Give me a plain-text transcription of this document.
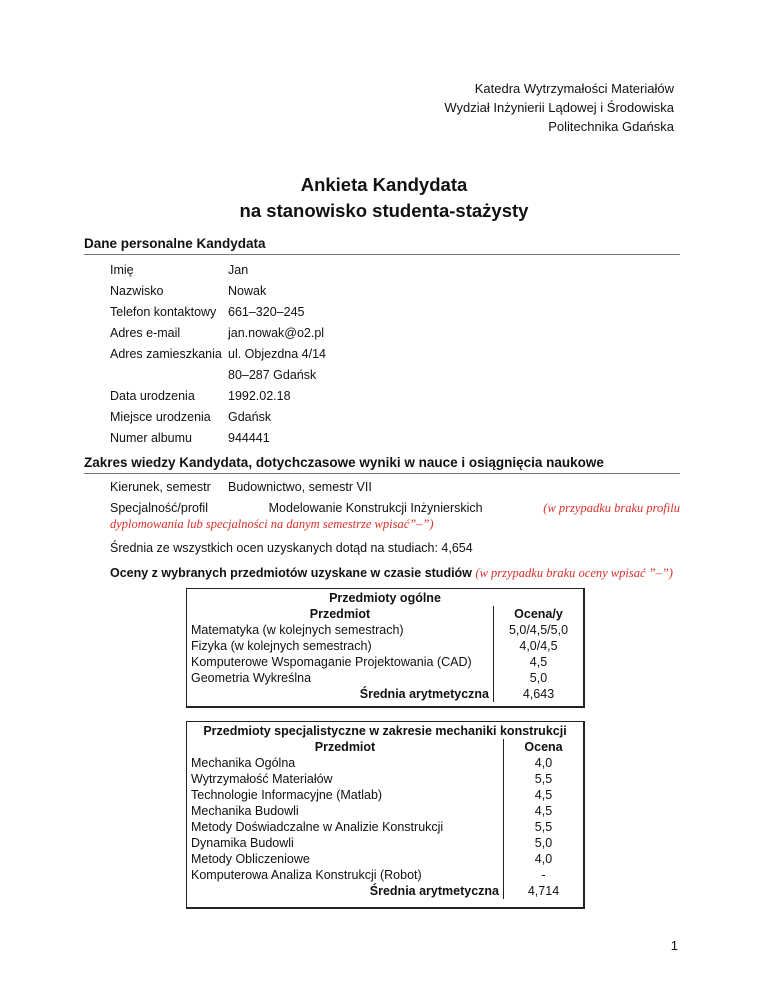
Katedra Wytrzymałości Materiałów
Wydział Inżynierii Lądowej i Środowiska
Politechnika Gdańska
Ankieta Kandydata
na stanowisko studenta-stażysty
Dane personalne Kandydata
Imię	Jan
Nazwisko	Nowak
Telefon kontaktowy 661–320–245
Adres e-mail	jan.nowak@o2.pl
Adres zamieszkania ul. Objezdna 4/14
80–287 Gdańsk
Data urodzenia	1992.02.18
Miejsce urodzenia	Gdańsk
Numer albumu	944441
Zakres wiedzy Kandydata, dotychczasowe wyniki w nauce i osiągnięcia naukowe
Kierunek, semestr Budownictwo, semestr VII
Specjalność/profil	Modelowanie Konstrukcji Inżynierskich	(w przypadku braku profilu
dyplomowania lub specjalności na danym semestrze wpisać”–”)
Średnia ze wszystkich ocen uzyskanych dotąd na studiach: 4,654
Oceny z wybranych przedmiotów uzyskane w czasie studiów (w przypadku braku oceny wpisać ”–”)
Przedmioty ogólne	
Przedmiot	Ocena/y
Matematyka (w kolejnych semestrach)	5,0/4,5/5,0
Fizyka (w kolejnych semestrach)	4,0/4,5
Komputerowe Wspomaganie Projektowania (CAD)	4,5
Geometria Wykreślna	5,0
Średnia arytmetyczna	4,643
Przedmioty specjalistyczne w zakresie mechaniki konstrukcji	
Przedmiot	Ocena
Mechanika Ogólna	4,0
Wytrzymałość Materiałów	5,5
Technologie Informacyjne (Matlab)	4,5
Mechanika Budowli	4,5
Metody Doświadczalne w Analizie Konstrukcji	5,5
Dynamika Budowli	5,0
Metody Obliczeniowe	4,0
Komputerowa Analiza Konstrukcji (Robot)	-
Średnia arytmetyczna	4,714
1
